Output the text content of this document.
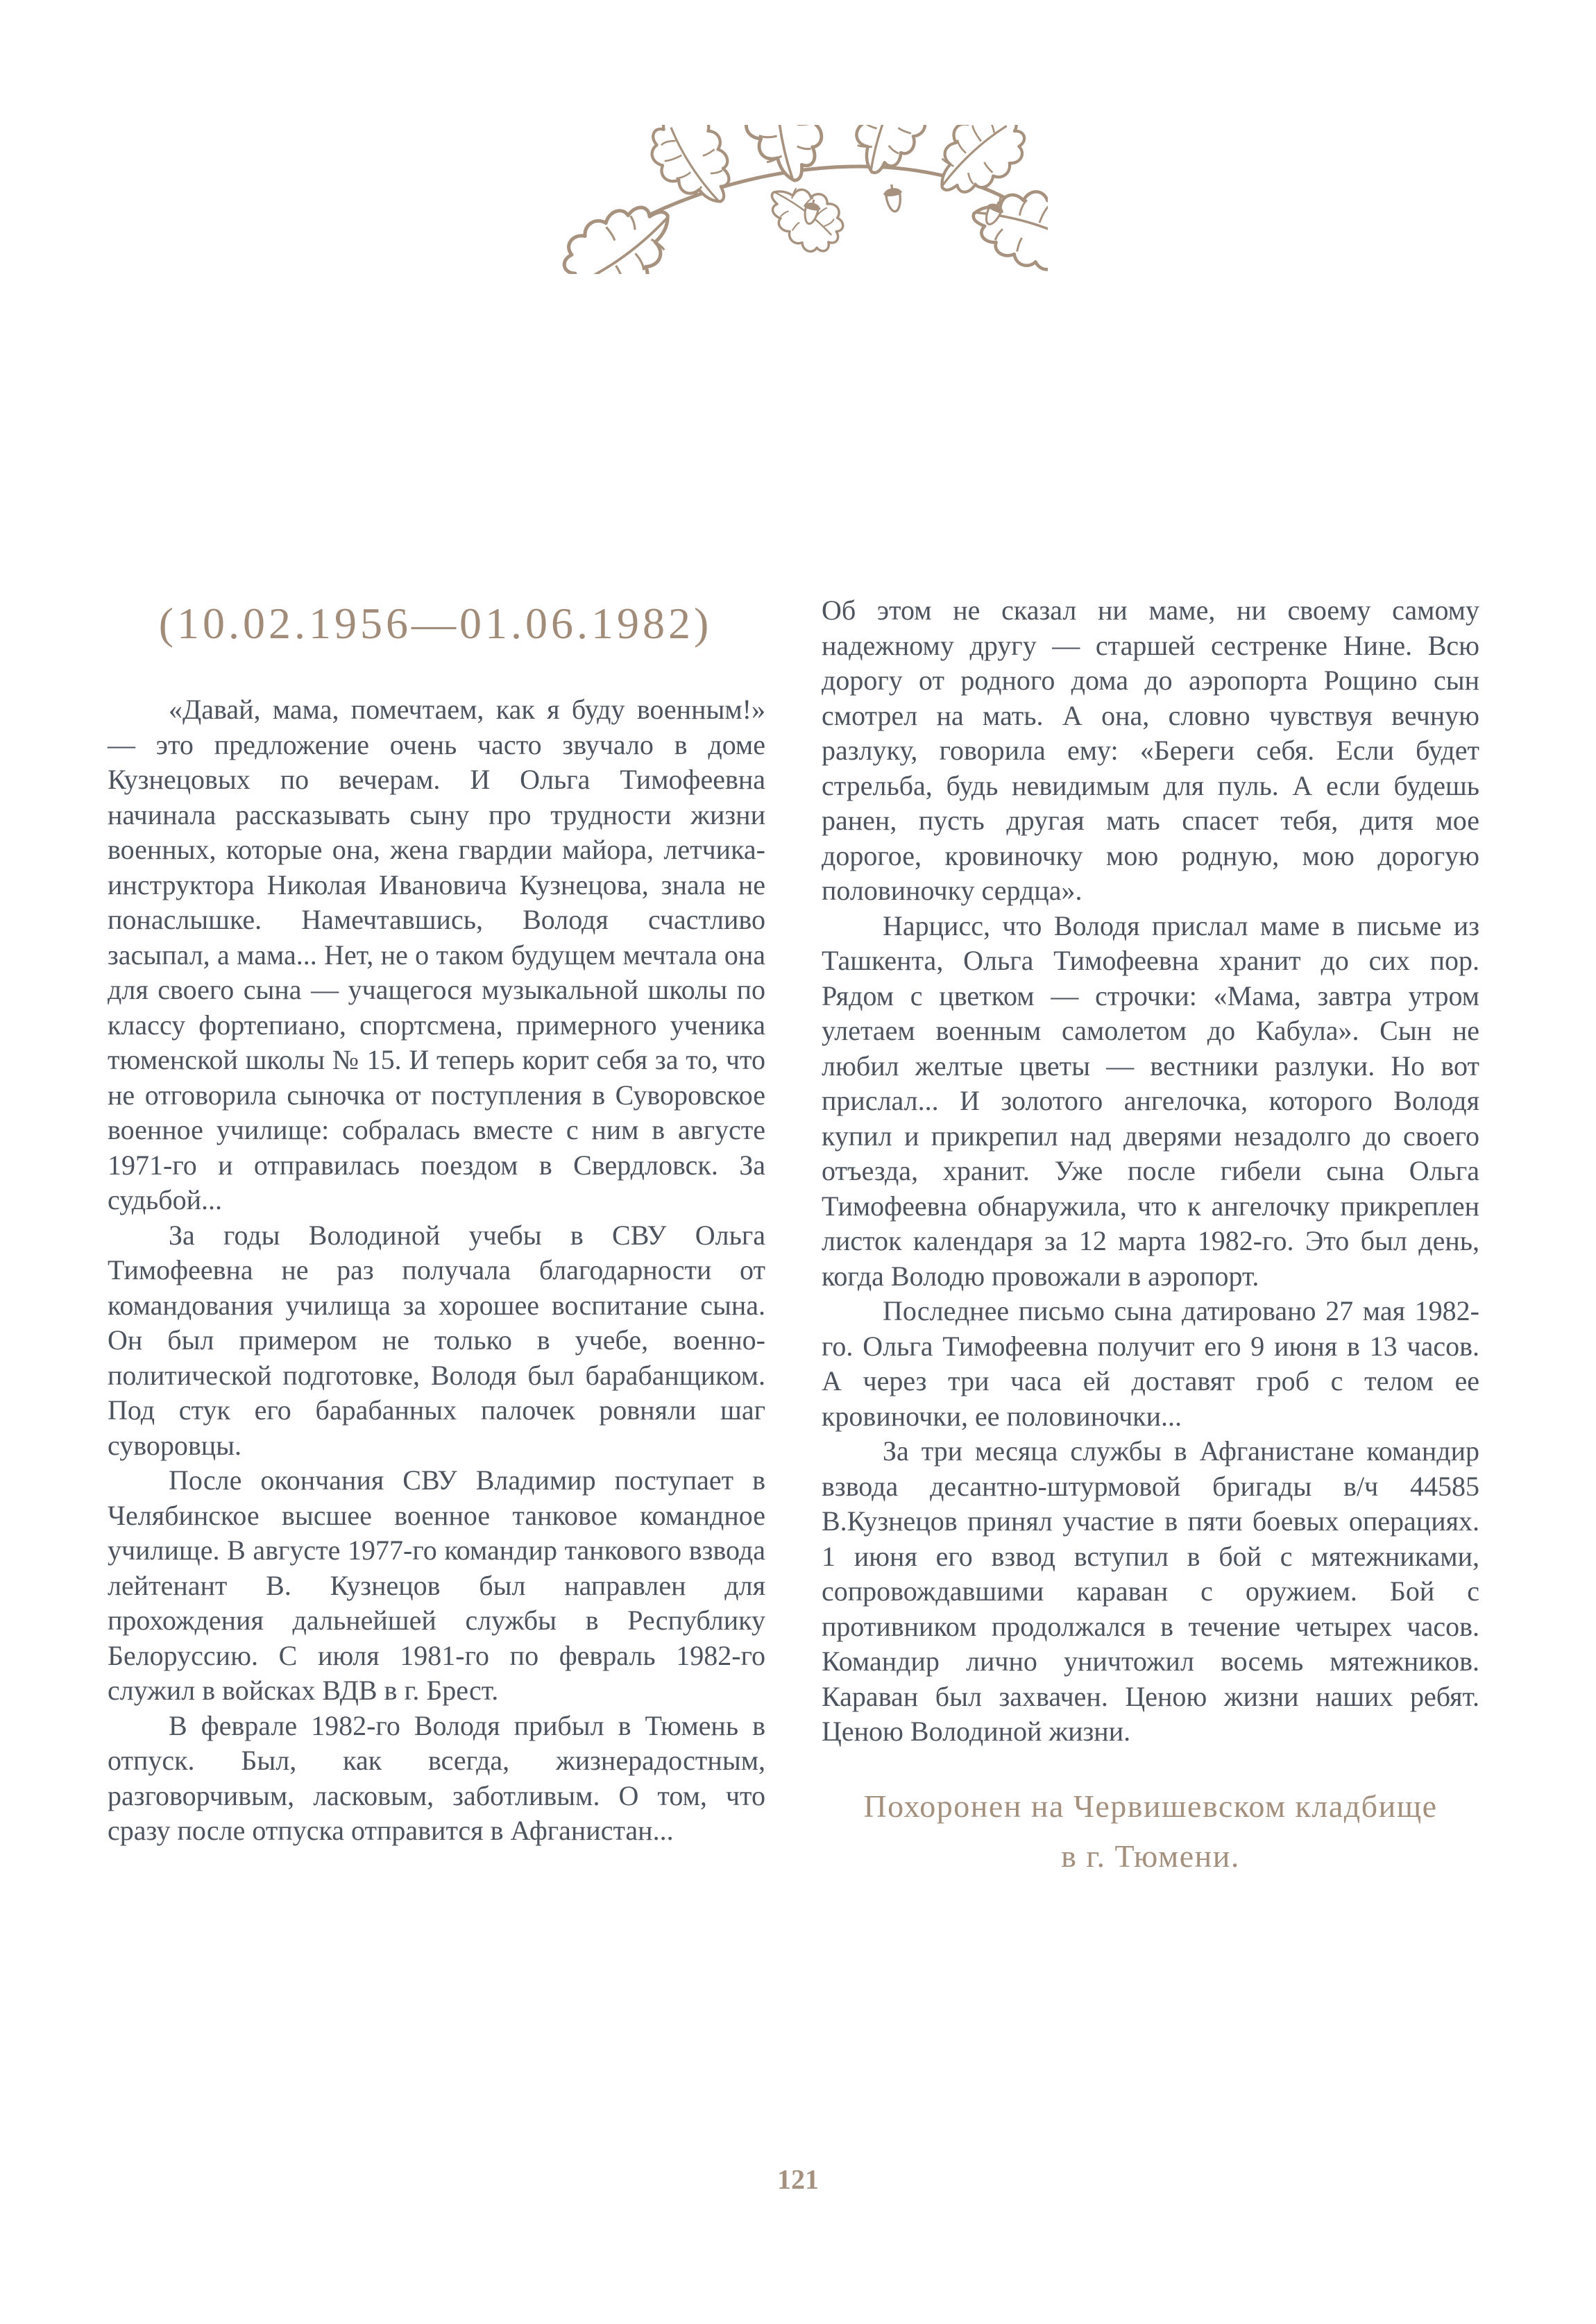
(10.02.1956—01.06.1982)

«Давай, мама, помечтаем, как я буду военным!» — это предложение очень часто звучало в доме Кузнецовых по вечерам. И Ольга Тимофеевна начинала рассказывать сыну про трудности жизни военных, которые она, жена гвардии майора, летчика-инструктора Николая Ивановича Кузнецова, знала не понаслышке. Намечтавшись, Володя счастливо засыпал, а мама... Нет, не о таком будущем мечтала она для своего сына — учащегося музыкальной школы по классу фортепиано, спортсмена, примерного ученика тюменской школы № 15. И теперь корит себя за то, что не отговорила сыночка от поступления в Суворовское военное училище: собралась вместе с ним в августе 1971-го и отправилась поездом в Свердловск. За судьбой...

За годы Володиной учебы в СВУ Ольга Тимофеевна не раз получала благодарности от командования училища за хорошее воспитание сына. Он был примером не только в учебе, военно-политической подготовке, Володя был барабанщиком. Под стук его барабанных палочек ровняли шаг суворовцы.

После окончания СВУ Владимир поступает в Челябинское высшее военное танковое командное училище. В августе 1977-го командир танкового взвода лейтенант В. Кузнецов был направлен для прохождения дальнейшей службы в Республику Белоруссию. С июля 1981-го по февраль 1982-го служил в войсках ВДВ в г. Брест.

В феврале 1982-го Володя прибыл в Тюмень в отпуск. Был, как всегда, жизнерадостным, разговорчивым, ласковым, заботливым. О том, что сразу после отпуска отправится в Афганистан...

Об этом не сказал ни маме, ни своему самому надежному другу — старшей сестренке Нине. Всю дорогу от родного дома до аэропорта Рощино сын смотрел на мать. А она, словно чувствуя вечную разлуку, говорила ему: «Береги себя. Если будет стрельба, будь невидимым для пуль. А если будешь ранен, пусть другая мать спасет тебя, дитя мое дорогое, кровиночку мою родную, мою дорогую половиночку сердца».

Нарцисс, что Володя прислал маме в письме из Ташкента, Ольга Тимофеевна хранит до сих пор. Рядом с цветком — строчки: «Мама, завтра утром улетаем военным самолетом до Кабула». Сын не любил желтые цветы — вестники разлуки. Но вот прислал... И золотого ангелочка, которого Володя купил и прикрепил над дверями незадолго до своего отъезда, хранит. Уже после гибели сына Ольга Тимофеевна обнаружила, что к ангелочку прикреплен листок календаря за 12 марта 1982-го. Это был день, когда Володю провожали в аэропорт.

Последнее письмо сына датировано 27 мая 1982-го. Ольга Тимофеевна получит его 9 июня в 13 часов. А через три часа ей доставят гроб с телом ее кровиночки, ее половиночки...

За три месяца службы в Афганистане командир взвода десантно-штурмовой бригады в/ч 44585 В.Кузнецов принял участие в пяти боевых операциях. 1 июня его взвод вступил в бой с мятежниками, сопровождавшими караван с оружием. Бой с противником продолжался в течение четырех часов. Командир лично уничтожил восемь мятежников. Караван был захвачен. Ценою жизни наших ребят. Ценою Володиной жизни.

Похоронен на Червишевском кладбище
в г. Тюмени.
121
